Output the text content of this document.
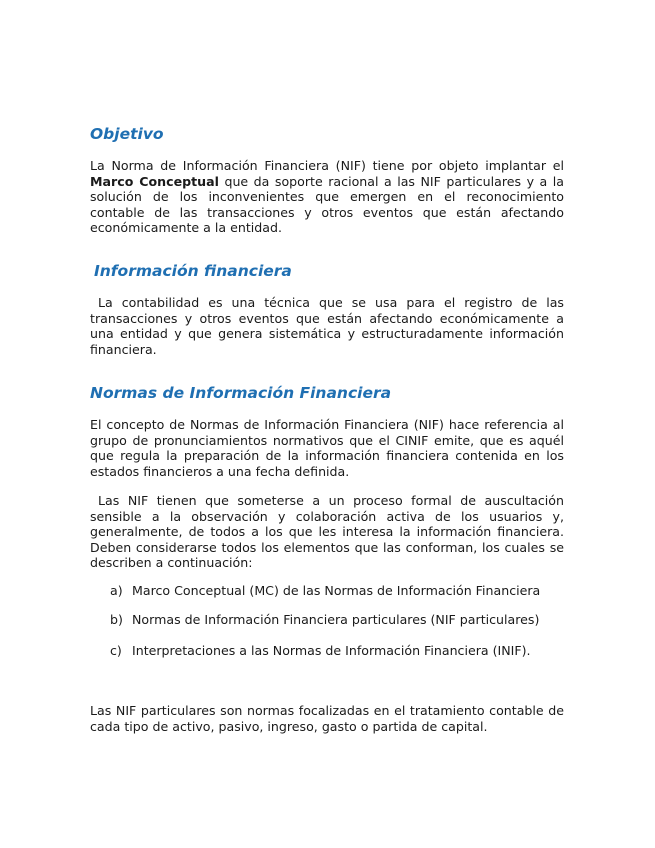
Objetivo

La Norma de Información Financiera (NIF) tiene por objeto implantar el Marco Conceptual que da soporte racional a las NIF particulares y a la solución de los inconvenientes que emergen en el reconocimiento contable de las transacciones y otros eventos que están afectando económicamente a la entidad.

Información financiera

La contabilidad es una técnica que se usa para el registro de las transacciones y otros eventos que están afectando económicamente a una entidad y que genera sistemática y estructuradamente información financiera.

Normas de Información Financiera

El concepto de Normas de Información Financiera (NIF) hace referencia al grupo de pronunciamientos normativos que el CINIF emite, que es aquél que regula la preparación de la información financiera contenida en los estados financieros a una fecha definida.

Las NIF tienen que someterse a un proceso formal de auscultación sensible a la observación y colaboración activa de los usuarios y, generalmente, de todos a los que les interesa la información financiera. Deben considerarse todos los elementos que las conforman, los cuales se describen a continuación:

a) Marco Conceptual (MC) de las Normas de Información Financiera
b) Normas de Información Financiera particulares (NIF particulares)
c) Interpretaciones a las Normas de Información Financiera (INIF).

Las NIF particulares son normas focalizadas en el tratamiento contable de cada tipo de activo, pasivo, ingreso, gasto o partida de capital.
